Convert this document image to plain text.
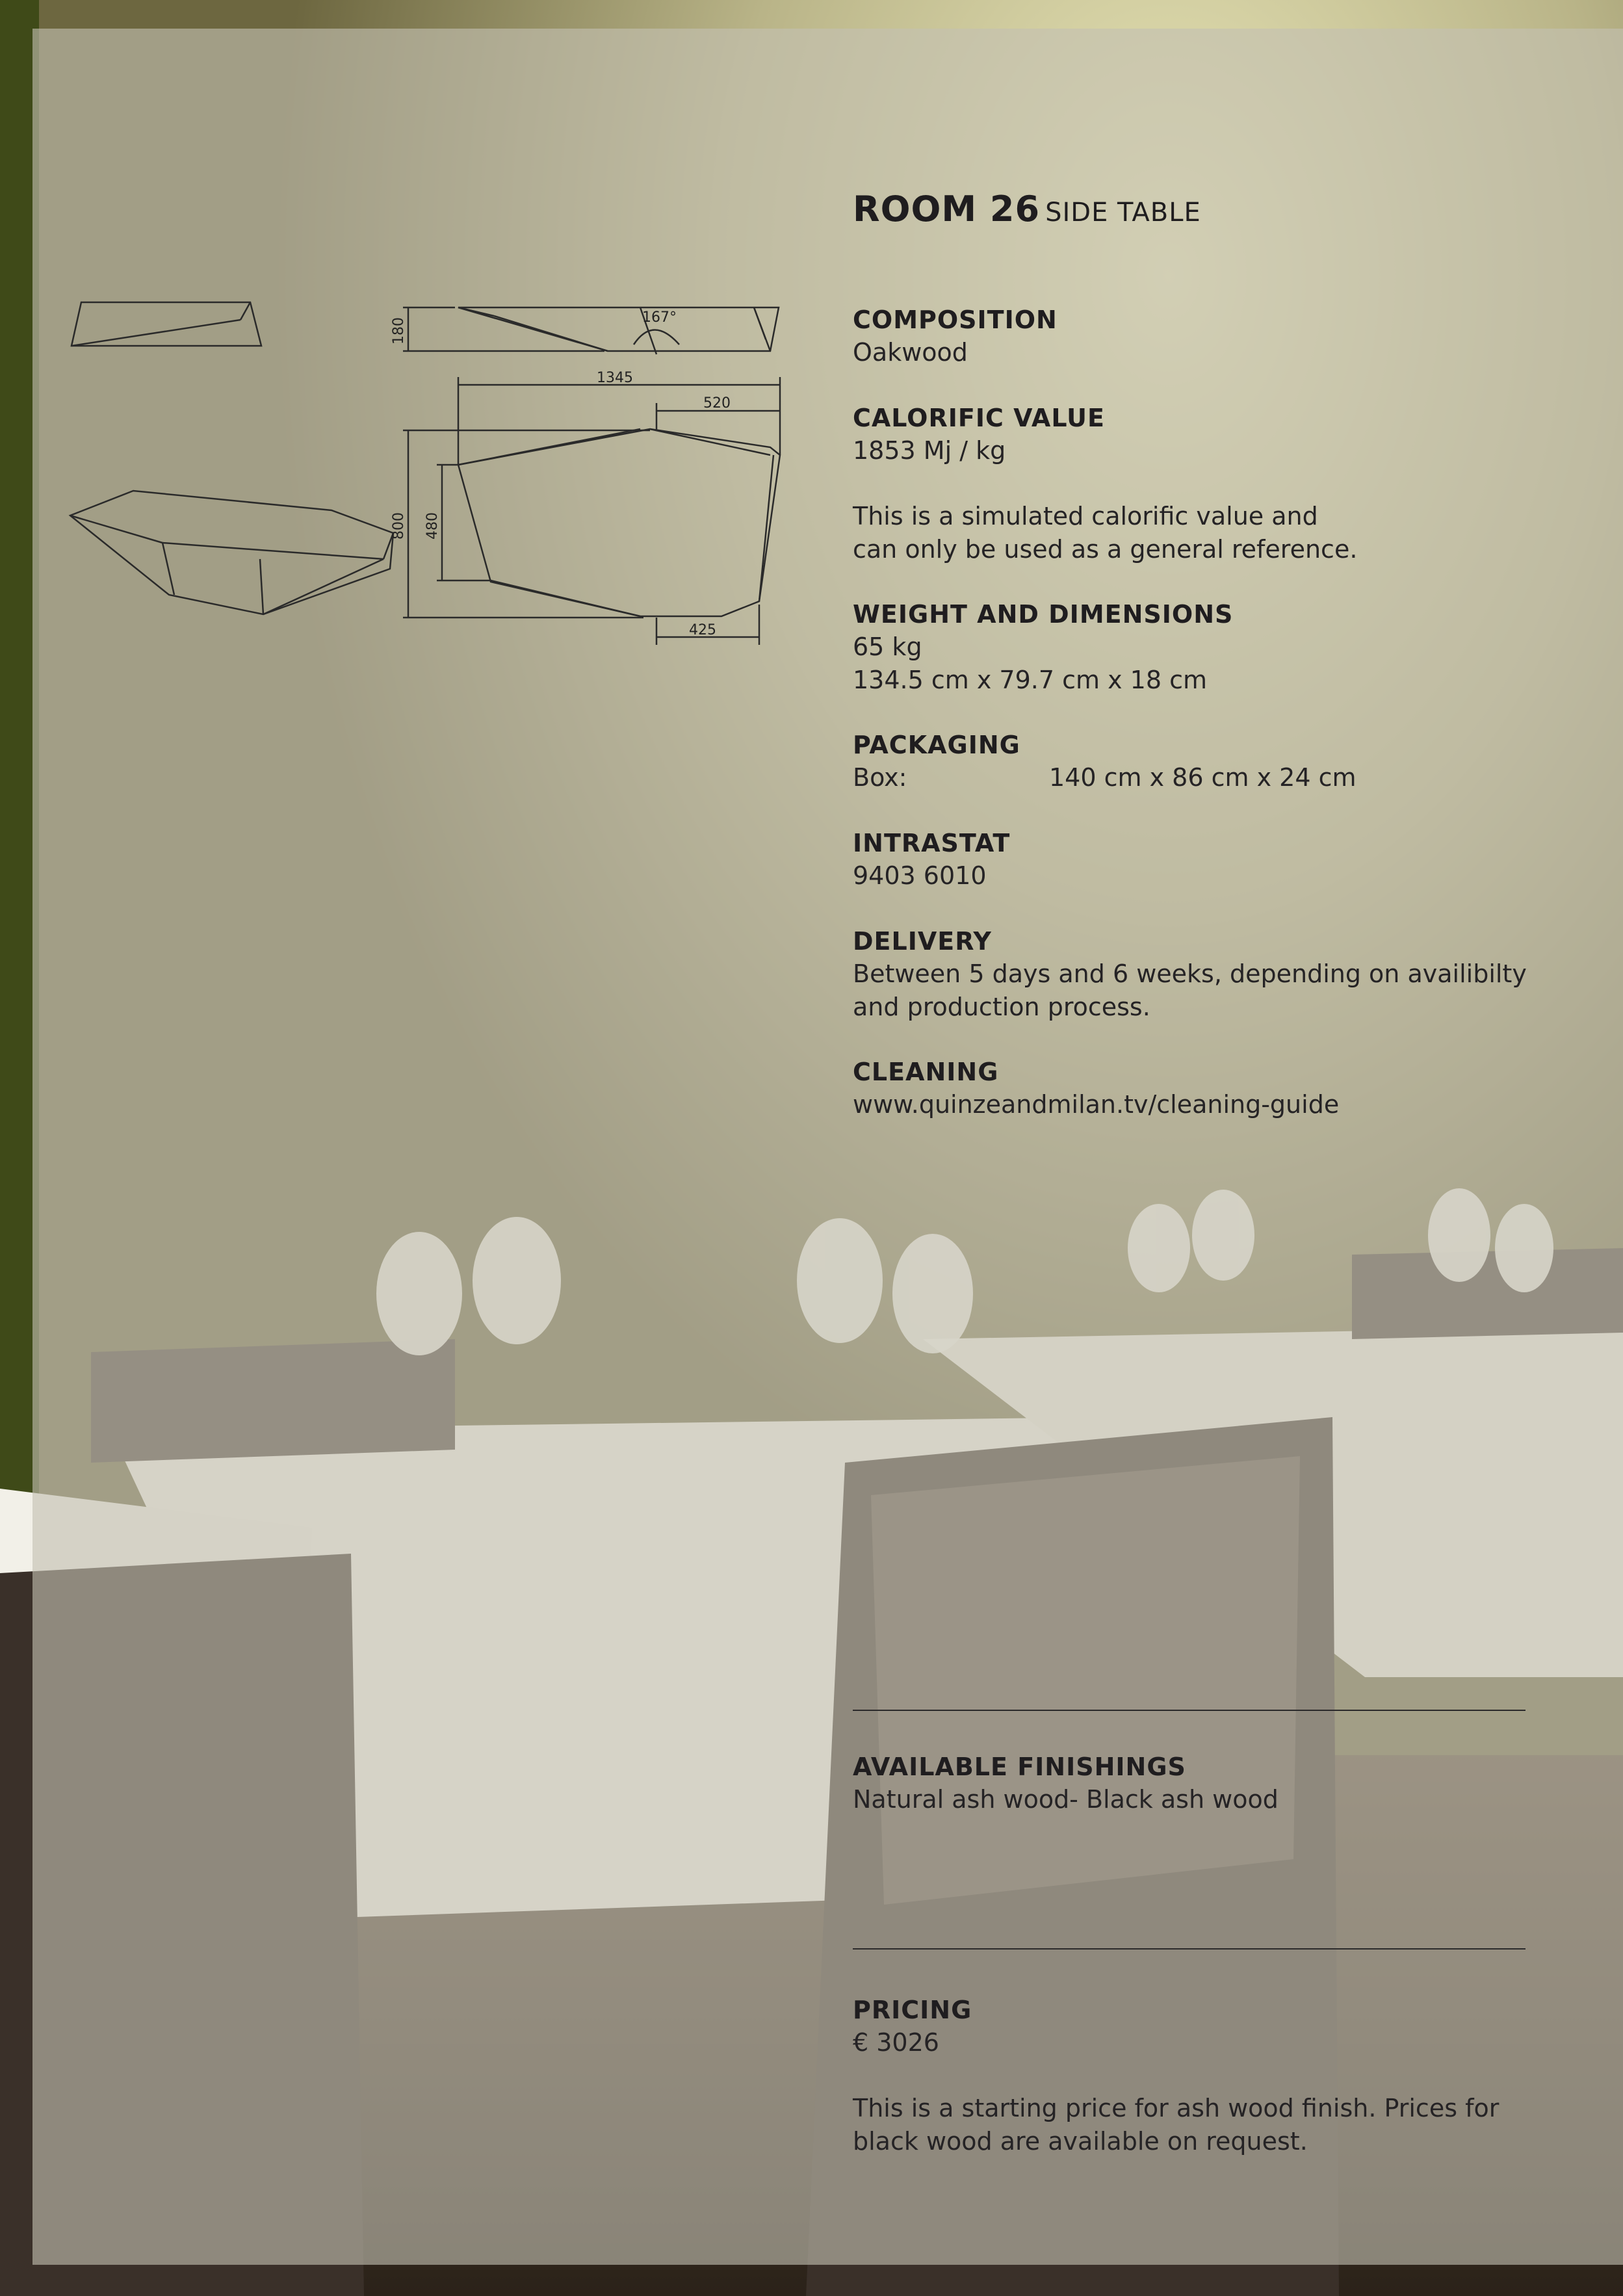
180	167°
1345
520
800 480
425
ROOM 26 SIDE TABLE
COMPOSITION
Oakwood
CALORIFIC VALUE
1853 Mj / kg
This is a simulated calorific value and
can only be used as a general reference.
WEIGHT AND DIMENSIONS
65 kg
134.5 cm x 79.7 cm x 18 cm
PACKAGING
Box:	140 cm x 86 cm x 24 cm
INTRASTAT
9403 6010
DELIVERY
Between 5 days and 6 weeks, depending on availibilty
and production process.
CLEANING
www.quinzeandmilan.tv/cleaning-guide
AVAILABLE FINISHINGS
Natural ash wood- Black ash wood
PRICING
€ 3026
This is a starting price for ash wood finish. Prices for
black wood are available on request.
